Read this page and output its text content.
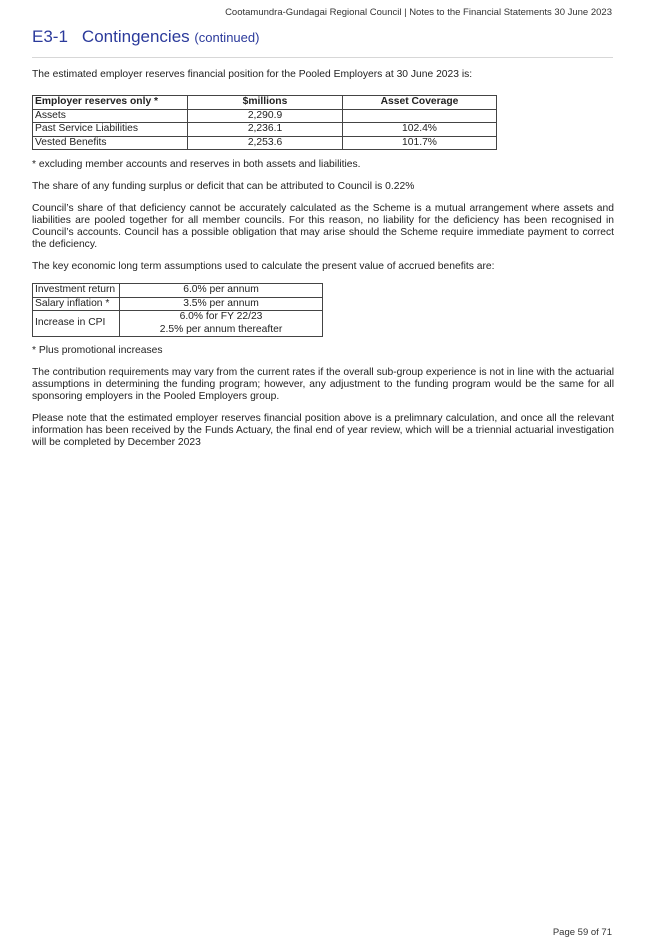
Cootamundra-Gundagai Regional Council | Notes to the Financial Statements 30 June 2023
E3-1 Contingencies (continued)

The estimated employer reserves financial position for the Pooled Employers at 30 June 2023 is:

Employer reserves only *	$millions	Asset Coverage
Assets	2,290.9	
Past Service Liabilities	2,236.1	102.4%
Vested Benefits	2,253.6	101.7%

* excluding member accounts and reserves in both assets and liabilities.

The share of any funding surplus or deficit that can be attributed to Council is 0.22%

Council’s share of that deficiency cannot be accurately calculated as the Scheme is a mutual arrangement where assets and liabilities are pooled together for all member councils. For this reason, no liability for the deficiency has been recognised in Council’s accounts. Council has a possible obligation that may arise should the Scheme require immediate payment to correct the deficiency.

The key economic long term assumptions used to calculate the present value of accrued benefits are:

Investment return	6.0% per annum
Salary inflation *	3.5% per annum
Increase in CPI	6.0% for FY 22/23
2.5% per annum thereafter

* Plus promotional increases

The contribution requirements may vary from the current rates if the overall sub-group experience is not in line with the actuarial assumptions in determining the funding program; however, any adjustment to the funding program would be the same for all sponsoring employers in the Pooled Employers group.

Please note that the estimated employer reserves financial position above is a prelimnary calculation, and once all the relevant information has been received by the Funds Actuary, the final end of year review, which will be a triennial actuarial investigation will be completed by December 2023

Page 59 of 71
